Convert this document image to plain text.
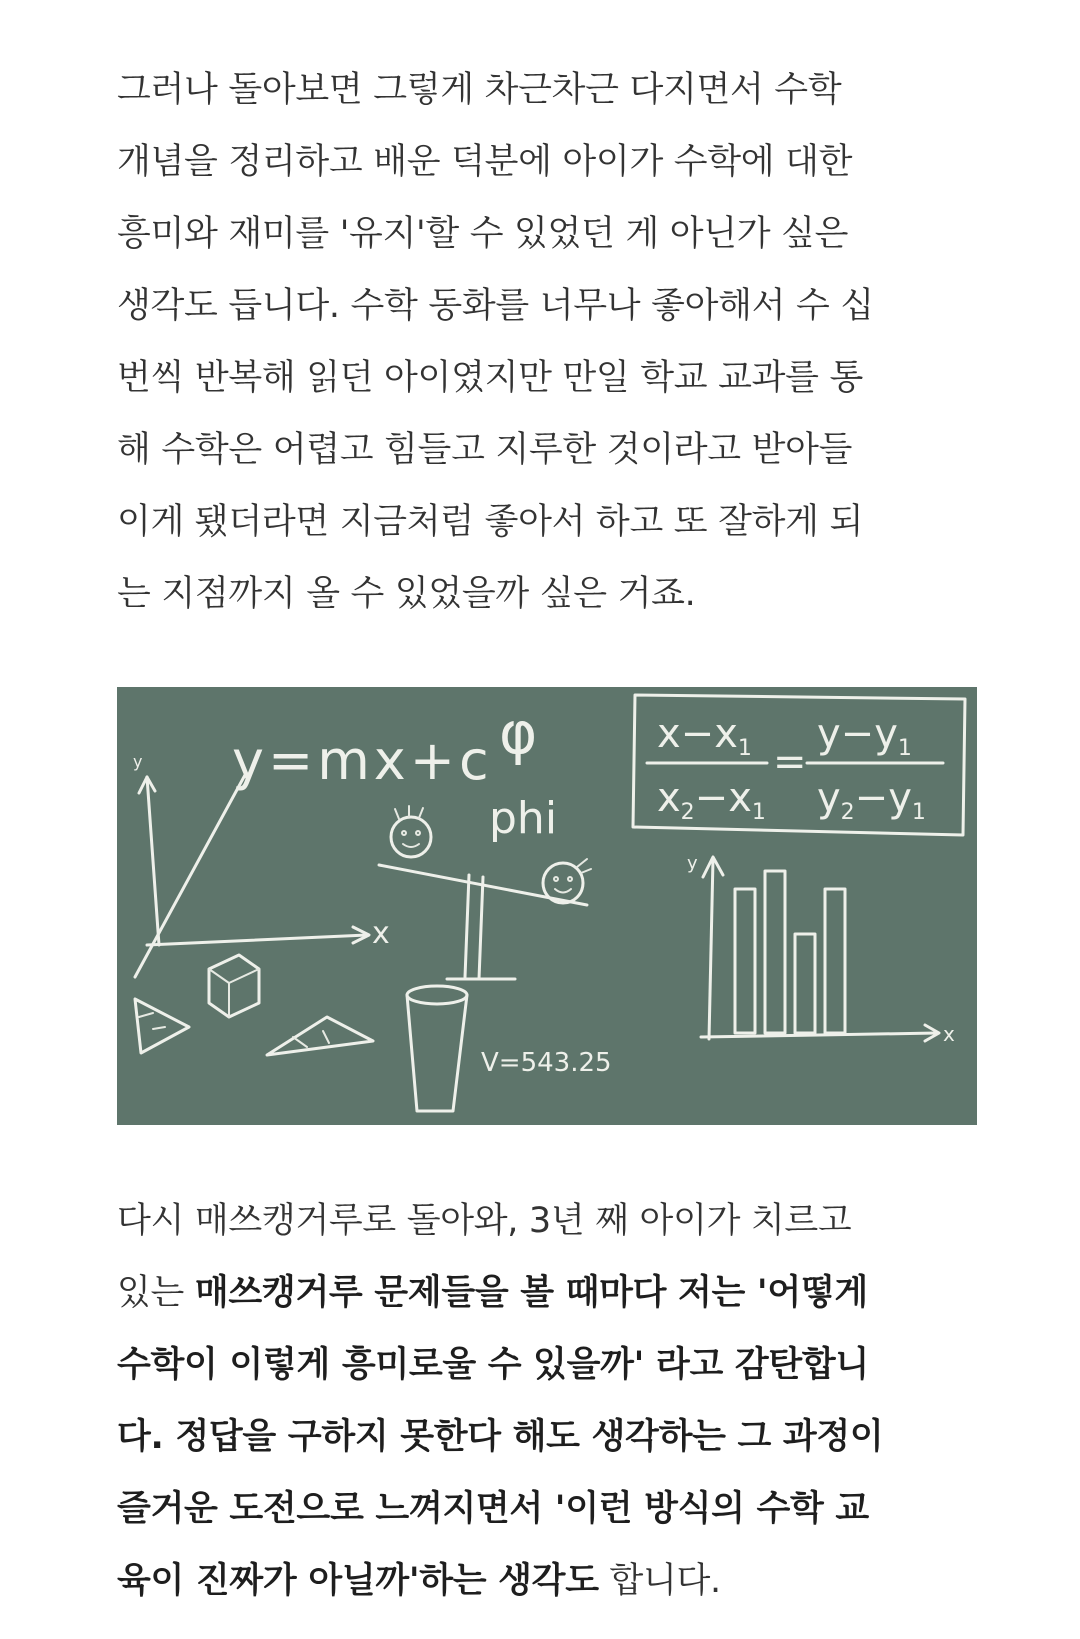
그러나 돌아보면 그렇게 차근차근 다지면서 수학
개념을 정리하고 배운 덕분에 아이가 수학에 대한
흥미와 재미를 '유지'할 수 있었던 게 아닌가 싶은
생각도 듭니다. 수학 동화를 너무나 좋아해서 수 십
번씩 반복해 읽던 아이였지만 만일 학교 교과를 통
해 수학은 어렵고 힘들고 지루한 것이라고 받아들
이게 됐더라면 지금처럼 좋아서 하고 또 잘하게 되
는 지점까지 올 수 있었을까 싶은 거죠.
y
x
y=mx+c φ
phi
V=543.25
$x-x_1$
$x_2-x_1$
=
$y-y_1$
$y_2-y_1$
y
x
다시 매쓰캥거루로 돌아와, 3년 째 아이가 치르고
있는 매쓰캥거루 문제들을 볼 때마다 저는 '어떻게
수학이 이렇게 흥미로울 수 있을까' 라고 감탄합니
다. 정답을 구하지 못한다 해도 생각하는 그 과정이
즐거운 도전으로 느껴지면서 '이런 방식의 수학 교
육이 진짜가 아닐까'하는 생각도 합니다.
